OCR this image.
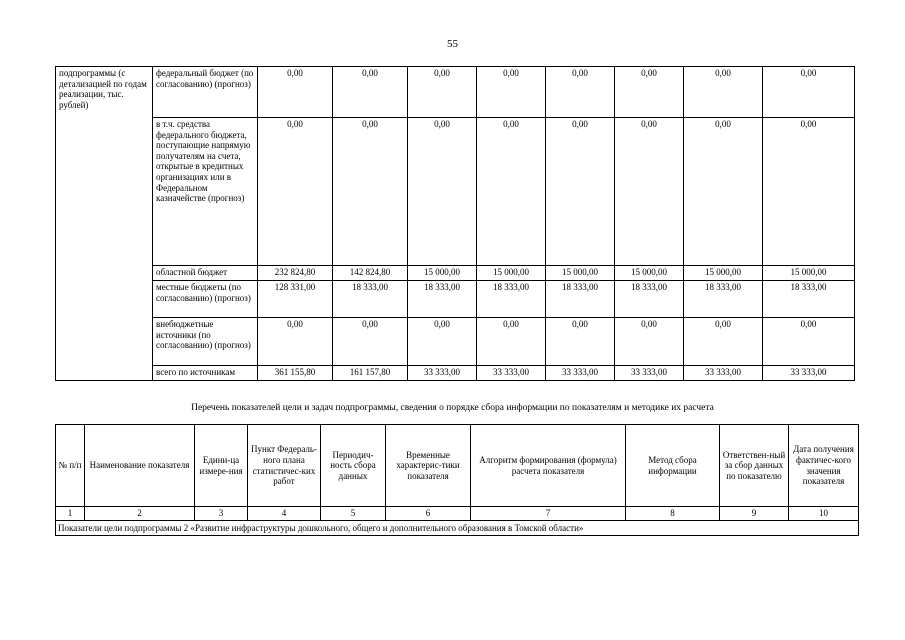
55
подпрограммы (с детализацией по годам реализации, тыс. рублей)	федеральный бюджет (по согласованию) (прогноз)	0,00	0,00	0,00	0,00	0,00	0,00	0,00	0,00
	в т.ч. средства федерального бюджета, поступающие напрямую получателям на счета, открытые в кредитных организациях или в Федеральном казначействе (прогноз)	0,00	0,00	0,00	0,00	0,00	0,00	0,00	0,00
	областной бюджет	232 824,80	142 824,80	15 000,00	15 000,00	15 000,00	15 000,00	15 000,00	15 000,00
	местные бюджеты (по согласованию) (прогноз)	128 331,00	18 333,00	18 333,00	18 333,00	18 333,00	18 333,00	18 333,00	18 333,00
	внебюджетные источники (по согласованию) (прогноз)	0,00	0,00	0,00	0,00	0,00	0,00	0,00	0,00
	всего по источникам	361 155,80	161 157,80	33 333,00	33 333,00	33 333,00	33 333,00	33 333,00	33 333,00
Перечень показателей цели и задач подпрограммы, сведения о порядке сбора информации по показателям и методике их расчета
№ п/п	Наименование показателя	Едини-ца измере-ния	Пункт Федераль-ного плана статистичес-ких работ	Периодич-ность сбора данных	Временные характерис-тики показателя	Алгоритм формирования (формула) расчета показателя	Метод сбора информации	Ответствен-ный за сбор данных по показателю	Дата получения фактичес-кого значения показателя
1	2	3	4	5	6	7	8	9	10
Показатели цели подпрограммы 2 «Развитие инфраструктуры дошкольного, общего и дополнительного образования в Томской области»									
